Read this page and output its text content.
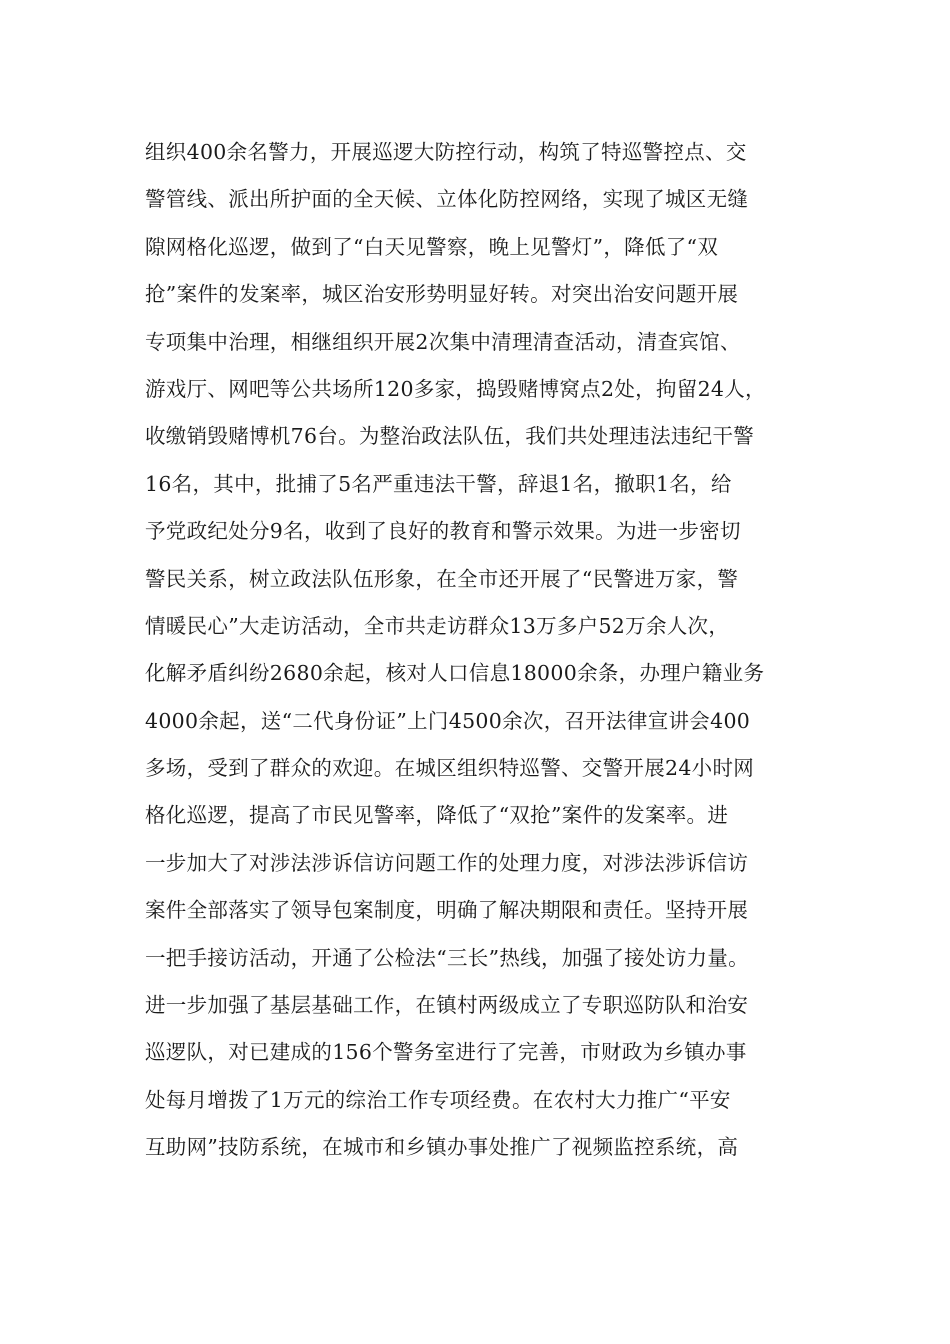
组织400余名警力，开展巡逻大防控行动，构筑了特巡警控点、交
警管线、派出所护面的全天候、立体化防控网络，实现了城区无缝
隙网格化巡逻，做到了“白天见警察，晚上见警灯”，降低了“双
抢”案件的发案率，城区治安形势明显好转。对突出治安问题开展
专项集中治理，相继组织开展2次集中清理清查活动，清查宾馆、
游戏厅、网吧等公共场所120多家，捣毁赌博窝点2处，拘留24人，
收缴销毁赌博机76台。为整治政法队伍，我们共处理违法违纪干警
16名，其中，批捕了5名严重违法干警，辞退1名，撤职1名，给
予党政纪处分9名，收到了良好的教育和警示效果。为进一步密切
警民关系，树立政法队伍形象，在全市还开展了“民警进万家，警
情暖民心”大走访活动，全市共走访群众13万多户52万余人次，
化解矛盾纠纷2680余起，核对人口信息18000余条，办理户籍业务
4000余起，送“二代身份证”上门4500余次，召开法律宣讲会400
多场，受到了群众的欢迎。在城区组织特巡警、交警开展24小时网
格化巡逻，提高了市民见警率，降低了“双抢”案件的发案率。进
一步加大了对涉法涉诉信访问题工作的处理力度，对涉法涉诉信访
案件全部落实了领导包案制度，明确了解决期限和责任。坚持开展
一把手接访活动，开通了公检法“三长”热线，加强了接处访力量。
进一步加强了基层基础工作，在镇村两级成立了专职巡防队和治安
巡逻队，对已建成的156个警务室进行了完善，市财政为乡镇办事
处每月增拨了1万元的综治工作专项经费。在农村大力推广“平安
互助网”技防系统，在城市和乡镇办事处推广了视频监控系统，高
